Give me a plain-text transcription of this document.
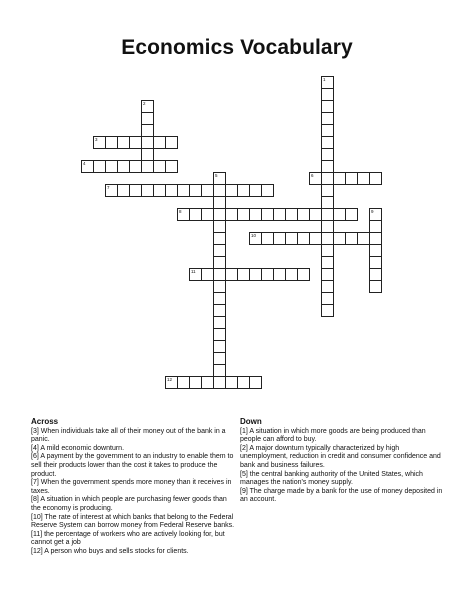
Economics Vocabulary
1
2
3
4
5	6
7
8	9
10
11
12
Across
[3] When individuals take all of their money out of the bank in a panic.
[4] A mild economic downturn.
[6] A payment by the government to an industry to enable them to sell their products lower than the cost it takes to produce the product.
[7] When the government spends more money than it receives in taxes.
[8] A situation in which people are purchasing fewer goods than the economy is producing.
[10] The rate of interest at which banks that belong to the Federal Reserve System can borrow money from Federal Reserve banks.
[11] the percentage of workers who are actively looking for, but cannot get a job
[12] A person who buys and sells stocks for clients.
Down
[1] A situation in which more goods are being produced than people can afford to buy.
[2] A major downturn typically characterized by high unemployment, reduction in credit and consumer confidence and bank and business failures.
[5] the central banking authority of the United States, which manages the nation's money supply.
[9] The charge made by a bank for the use of money deposited in an account.
